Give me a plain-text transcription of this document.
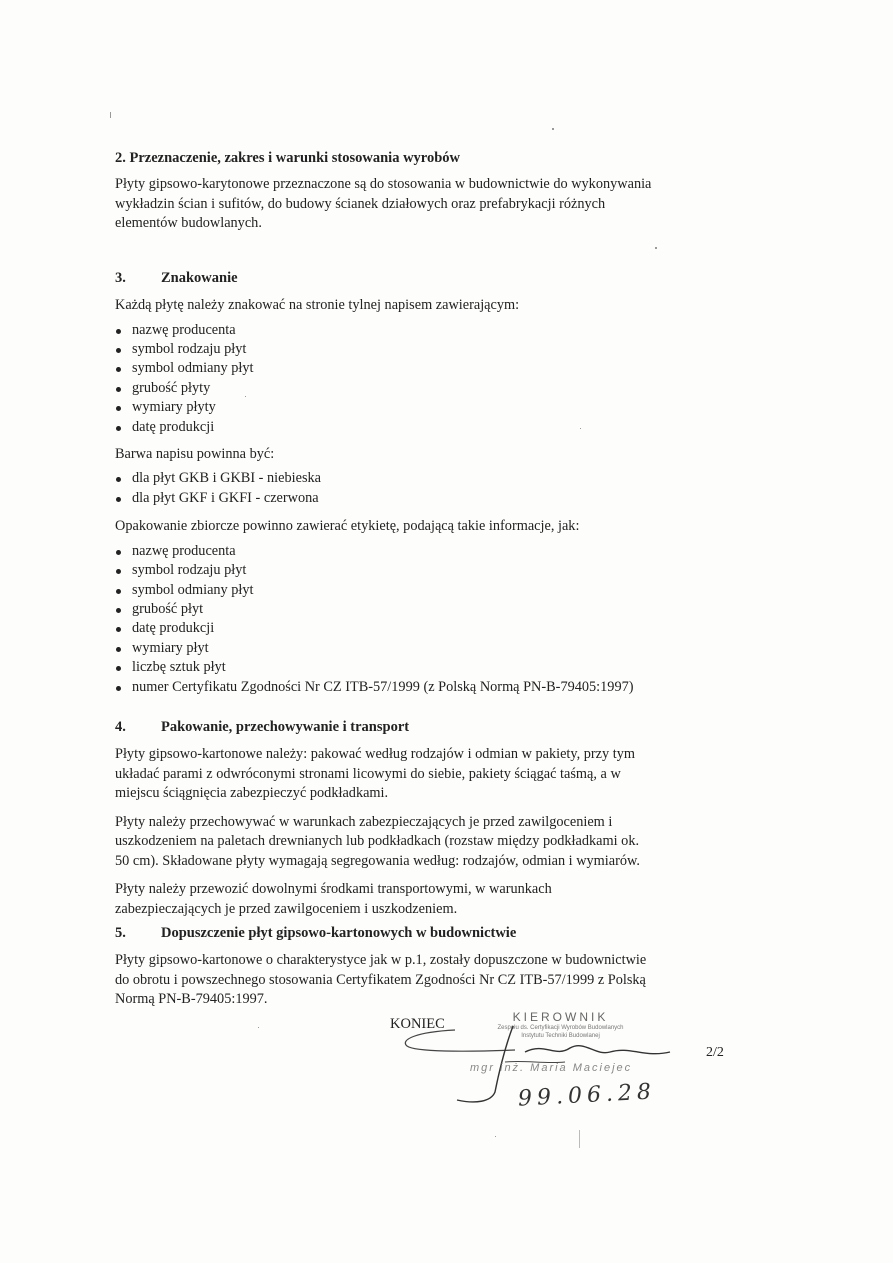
2. Przeznaczenie, zakres i warunki stosowania wyrobów

Płyty gipsowo-karytonowe przeznaczone są do stosowania w budownictwie do wykonywania
wykładzin ścian i sufitów, do budowy ścianek działowych oraz prefabrykacji różnych
elementów budowlanych.

3. Znakowanie

Każdą płytę należy znakować na stronie tylnej napisem zawierającym:

nazwę producenta
symbol rodzaju płyt
symbol odmiany płyt
grubość płyty
wymiary płyty
datę produkcji

Barwa napisu powinna być:

dla płyt GKB i GKBI - niebieska
dla płyt GKF i GKFI - czerwona

Opakowanie zbiorcze powinno zawierać etykietę, podającą takie informacje, jak:

nazwę producenta
symbol rodzaju płyt
symbol odmiany płyt
grubość płyt
datę produkcji
wymiary płyt
liczbę sztuk płyt
numer Certyfikatu Zgodności Nr CZ ITB-57/1999 (z Polską Normą PN-B-79405:1997)
4. Pakowanie, przechowywanie i transport

Płyty gipsowo-kartonowe należy: pakować według rodzajów i odmian w pakiety, przy tym
układać parami z odwróconymi stronami licowymi do siebie, pakiety ściągać taśmą, a w
miejscu ściągnięcia zabezpieczyć podkładkami.

Płyty należy przechowywać w warunkach zabezpieczających je przed zawilgoceniem i
uszkodzeniem na paletach drewnianych lub podkładkach (rozstaw między podkładkami ok.
50 cm). Składowane płyty wymagają segregowania według: rodzajów, odmian i wymiarów.

Płyty należy przewozić dowolnymi środkami transportowymi, w warunkach
zabezpieczających je przed zawilgoceniem i uszkodzeniem.

5. Dopuszczenie płyt gipsowo-kartonowych w budownictwie

Płyty gipsowo-kartonowe o charakterystyce jak w p.1, zostały dopuszczone w budownictwie
do obrotu i powszechnego stosowania Certyfikatem Zgodności Nr CZ ITB-57/1999 z Polską
Normą PN-B-79405:1997.

KONIEC	KIEROWNIK
Zespołu ds. Certyfikacji Wyrobów Budowlanych
Instytutu Techniki Budowlanej
mgr inż. Maria Maciejec
99.06.28
2/2
